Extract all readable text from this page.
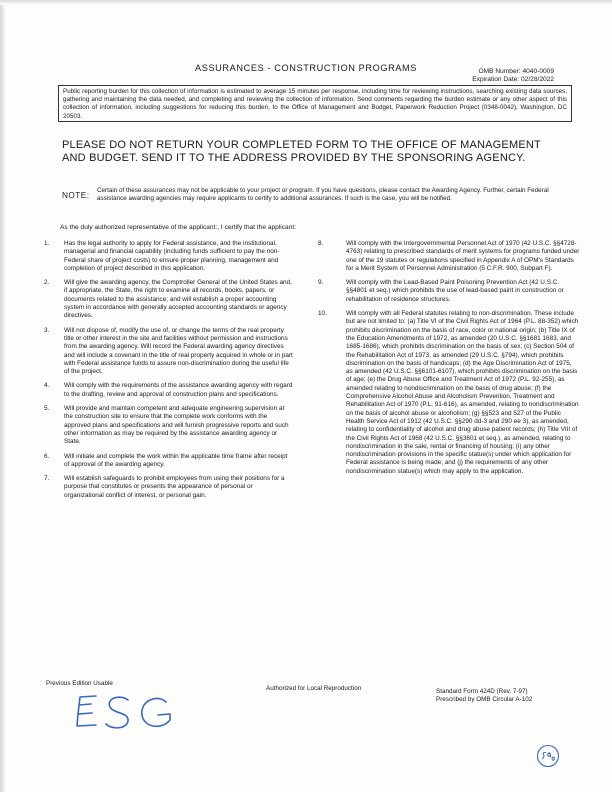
ASSURANCES - CONSTRUCTION PROGRAMS	OMB Number: 4040-0009
Expiration Date: 02/28/2022
Public reporting burden for this collection of information is estimated to average 15 minutes per response, including time for reviewing instructions, searching existing data sources, gathering and maintaining the data needed, and completing and reviewing the collection of information. Send comments regarding the burden estimate or any other aspect of this collection of information, including suggestions for reducing this burden, to the Office of Management and Budget, Paperwork Reduction Project (0348-0042), Washington, DC 20503.
PLEASE DO NOT RETURN YOUR COMPLETED FORM TO THE OFFICE OF MANAGEMENT
AND BUDGET. SEND IT TO THE ADDRESS PROVIDED BY THE SPONSORING AGENCY.
NOTE:
Certain of these assurances may not be applicable to your project or program. If you have questions, please contact the Awarding Agency. Further, certain Federal assistance awarding agencies may require applicants to certify to additional assurances. If such is the case, you will be notified.
As the duly authorized representative of the applicant:, I certify that the applicant:
1.	Has the legal authority to apply for Federal assistance, and the institutional, managerial and financial capability (including funds sufficient to pay the non-Federal share of project costs) to ensure proper planning, management and completion of project described in this application.
2.	Will give the awarding agency, the Comptroller General of the United States and, if appropriate, the State, the right to examine all records, books, papers, or documents related to the assistance; and will establish a proper accounting system in accordance with generally accepted accounting standards or agency directives.
3.	Will not dispose of, modify the use of, or change the terms of the real property title or other interest in the site and facilities without permission and instructions from the awarding agency. Will record the Federal awarding agency directives and will include a covenant in the title of real property acquired in whole or in part with Federal assistance funds to assure non-discrimination during the useful life of the project.
4.	Will comply with the requirements of the assistance awarding agency with regard to the drafting, review and approval of construction plans and specifications.
5.	Will provide and maintain competent and adequate engineering supervision at the construction site to ensure that the complete work conforms with the approved plans and specifications and will furnish progressive reports and such other information as may be required by the assistance awarding agency or State.
6.	Will initiate and complete the work within the applicable time frame after receipt of approval of the awarding agency.
7.	Will establish safeguards to prohibit employees from using their positions for a purpose that constitutes or presents the appearance of personal or organizational conflict of interest, or personal gain.
8.	Will comply with the Intergovernmental Personnel Act of 1970 (42 U.S.C. §§4728-4763) relating to prescribed standards of merit systems for programs funded under one of the 19 statutes or regulations specified in Appendix A of OPM's Standards for a Merit System of Personnel Administration (5 C.F.R. 900, Subpart F).
9.	Will comply with the Lead-Based Paint Poisoning Prevention Act (42 U.S.C. §§4801 et seq.) which prohibits the use of lead-based paint in construction or rehabilitation of residence structures.
10.	Will comply with all Federal statutes relating to non-discrimination. These include but are not limited to: (a) Title VI of the Civil Rights Act of 1964 (P.L. 88-352) which prohibits discrimination on the basis of race, color or national origin; (b) Title IX of the Education Amendments of 1972, as amended (20 U.S.C. §§1681 1683, and 1685-1686), which prohibits discrimination on the basis of sex; (c) Section 504 of the Rehabilitation Act of 1973, as amended (29 U.S.C. §794), which prohibits discrimination on the basis of handicaps; (d) the Age Discrimination Act of 1975, as amended (42 U.S.C. §§6101-6107), which prohibits discrimination on the basis of age; (e) the Drug Abuse Office and Treatment Act of 1972 (P.L. 92-255), as amended relating to nondiscrimination on the basis of drug abuse; (f) the Comprehensive Alcohol Abuse and Alcoholism Prevention, Treatment and Rehabilitation Act of 1970 (P.L. 91-616), as amended, relating to nondiscrimination on the basis of alcohol abuse or alcoholism; (g) §§523 and 527 of the Public Health Service Act of 1912 (42 U.S.C. §§290 dd-3 and 290 ee 3), as amended, relating to confidentiality of alcohol and drug abuse patient records; (h) Title VIII of the Civil Rights Act of 1968 (42 U.S.C. §§3601 et seq.), as amended, relating to nondiscrimination in the sale, rental or financing of housing; (i) any other nondiscrimination provisions in the specific statue(s) under which application for Federal assistance is being made; and (j) the requirements of any other nondiscrimination statue(s) which may apply to the application.
Previous Edition Usable
Authorized for Local Reproduction	Standard Form 424D (Rev. 7-97)
Prescribed by OMB Circular A-102
